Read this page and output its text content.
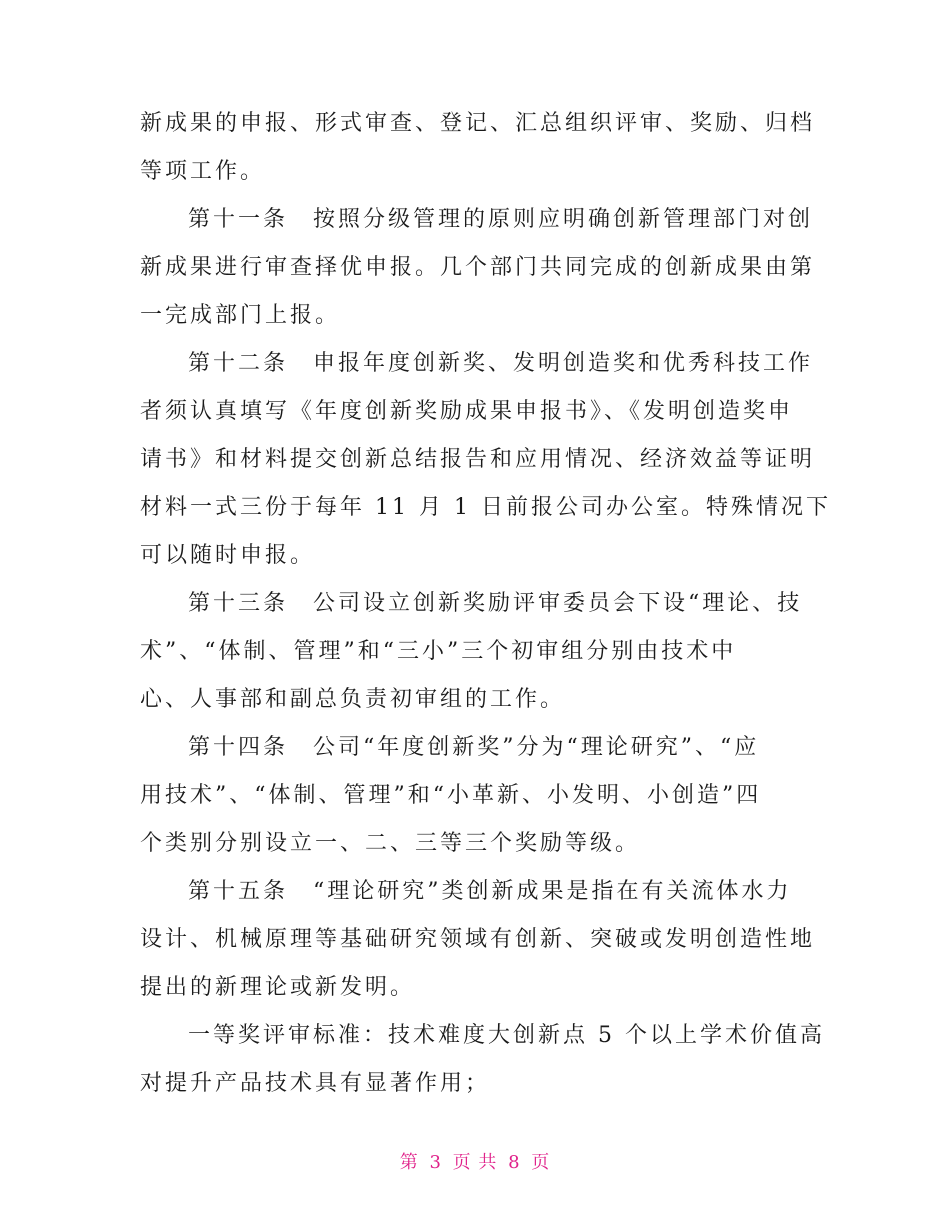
新成果的申报、形式审查、登记、汇总组织评审、奖励、归档
等项工作。

第十一条　按照分级管理的原则应明确创新管理部门对创
新成果进行审查择优申报。几个部门共同完成的创新成果由第
一完成部门上报。

第十二条　申报年度创新奖、发明创造奖和优秀科技工作
者须认真填写《年度创新奖励成果申报书》、《发明创造奖申
请书》和材料提交创新总结报告和应用情况、经济效益等证明
材料一式三份于每年 11 月 1 日前报公司办公室。特殊情况下
可以随时申报。

第十三条　公司设立创新奖励评审委员会下设“理论、技
术”、“体制、管理”和“三小”三个初审组分别由技术中
心、人事部和副总负责初审组的工作。

第十四条　公司“年度创新奖”分为“理论研究”、“应
用技术”、“体制、管理”和“小革新、小发明、小创造”四
个类别分别设立一、二、三等三个奖励等级。

第十五条　“理论研究”类创新成果是指在有关流体水力
设计、机械原理等基础研究领域有创新、突破或发明创造性地
提出的新理论或新发明。

一等奖评审标准：技术难度大创新点 5 个以上学术价值高
对提升产品技术具有显著作用；

第 3 页 共 8 页
